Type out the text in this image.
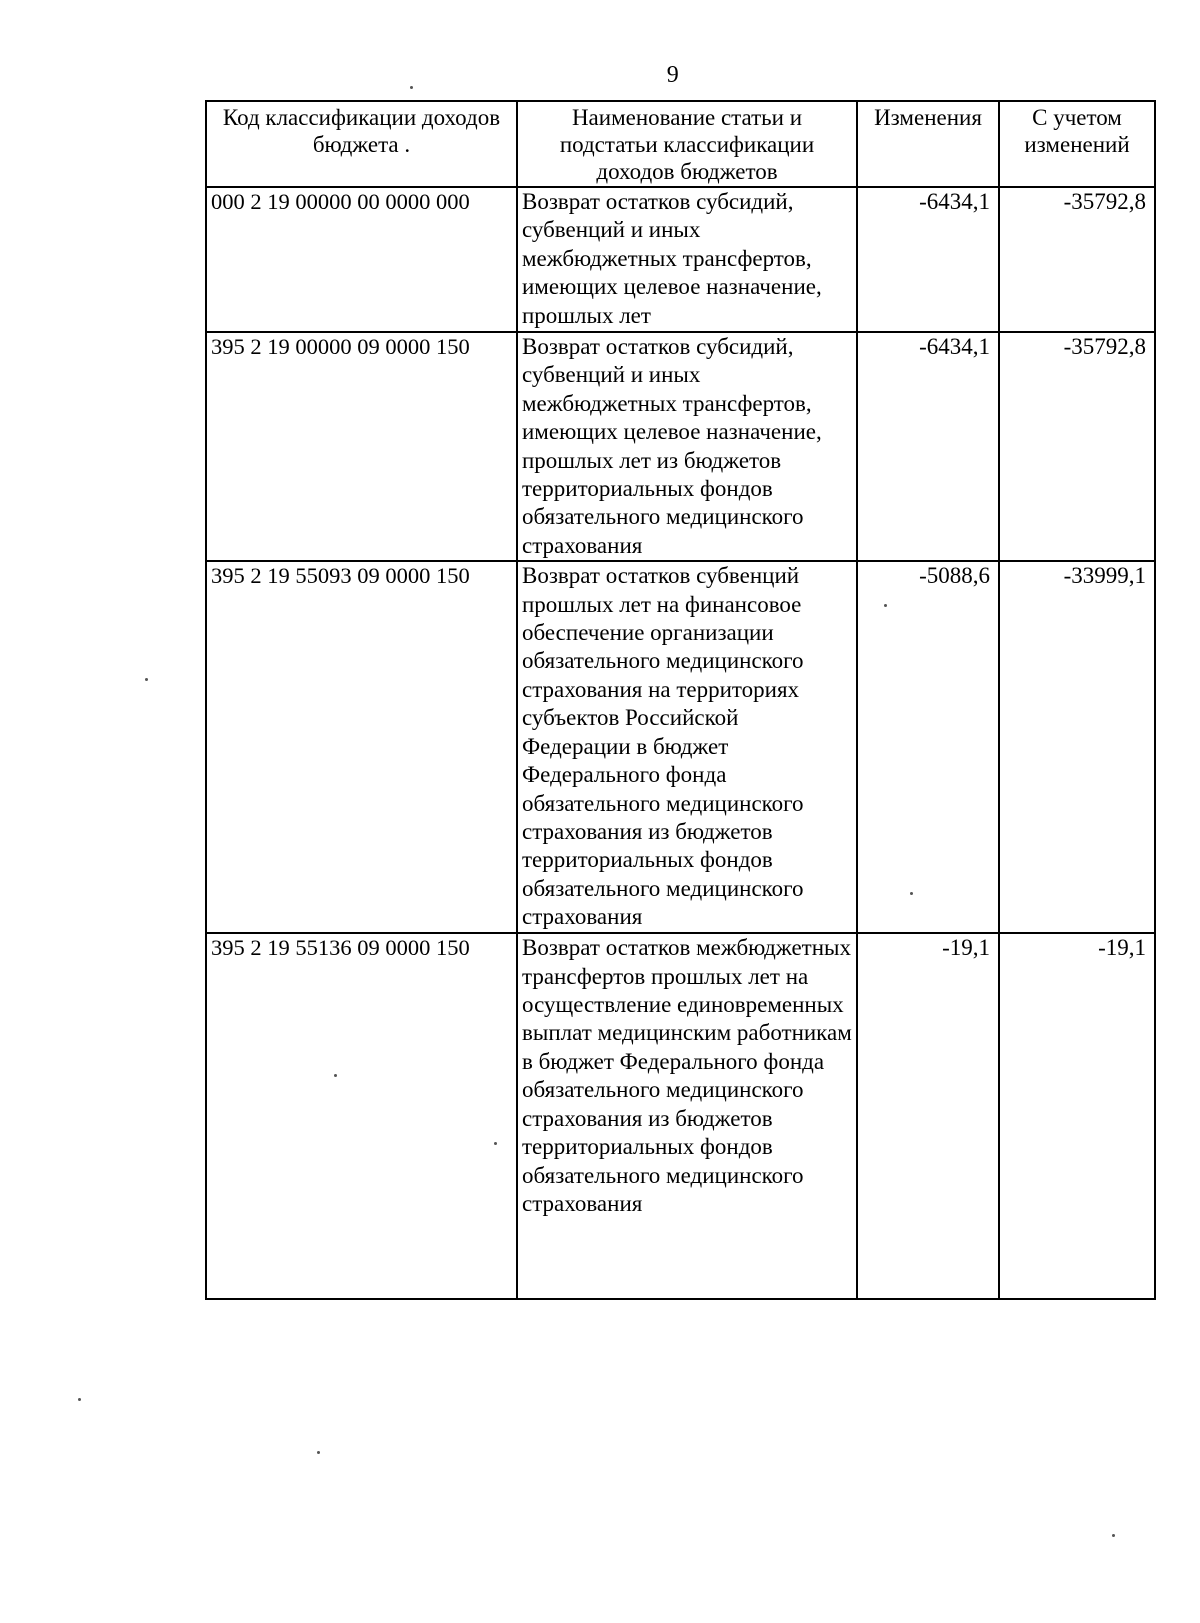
9
Код классификации доходов бюджета .	Наименование статьи и подстатьи классификации доходов бюджетов	Изменения	С учетом изменений
000 2 19 00000 00 0000 000	Возврат остатков субсидий, субвенций и иных межбюджетных трансфертов, имеющих целевое назначение, прошлых лет	-6434,1	-35792,8
395 2 19 00000 09 0000 150	Возврат остатков субсидий, субвенций и иных межбюджетных трансфертов, имеющих целевое назначение, прошлых лет из бюджетов территориальных фондов обязательного медицинского страхования	-6434,1	-35792,8
395 2 19 55093 09 0000 150	Возврат остатков субвенций прошлых лет на финансовое обеспечение организации обязательного медицинского страхования на территориях субъектов Российской Федерации в бюджет Федерального фонда обязательного медицинского страхования из бюджетов территориальных фондов обязательного медицинского страхования	-5088,6	-33999,1
395 2 19 55136 09 0000 150	Возврат остатков межбюджетных трансфертов прошлых лет на осуществление единовременных выплат медицинским работникам в бюджет Федерального фонда обязательного медицинского страхования из бюджетов территориальных фондов обязательного медицинского страхования	-19,1	-19,1
